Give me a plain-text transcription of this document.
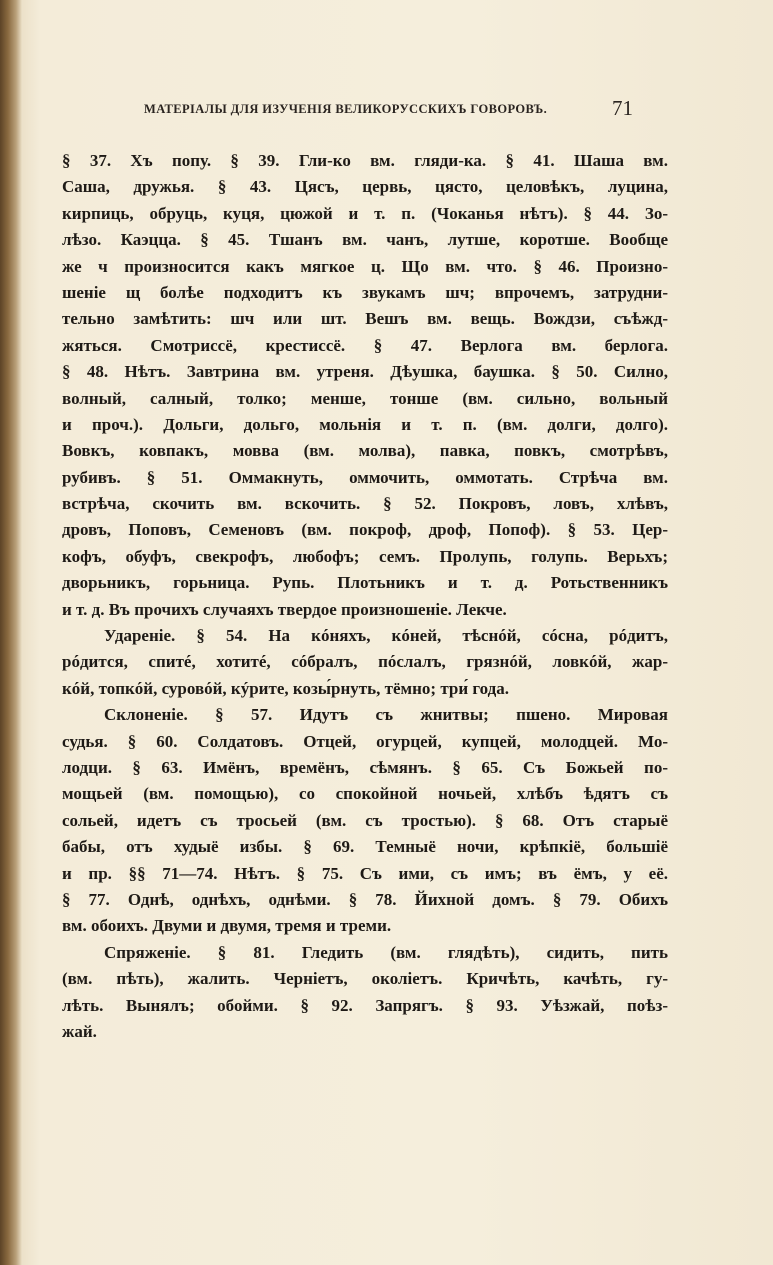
МАТЕРІАЛЫ ДЛЯ ИЗУЧЕНІЯ ВЕЛИКОРУССКИХЪ ГОВОРОВЪ.	71
§ 37. Хъ попу. § 39. Гли-ко вм. гляди-ка. § 41. Шаша вм.
Саша, дружья. § 43. Цясъ, цервь, цясто, целовѣкъ, луцина,
кирпиць, обруць, куця, цюжой и т. п. (Чоканья нѣтъ). § 44. Зо-
лѣзо. Каэцца. § 45. Тшанъ вм. чанъ, лутше, коротше. Вообще
же ч произносится какъ мягкое ц. Що вм. что. § 46. Произно-
шеніе щ болѣе подходитъ къ звукамъ шч; впрочемъ, затрудни-
тельно замѣтить: шч или шт. Вешъ вм. вещь. Вождзи, съѣжд-
жяться. Смотриссё, крестиссё. § 47. Верлога вм. берлога.
§ 48. Нѣтъ. Завтрина вм. утреня. Дѣушка, баушка. § 50. Силно,
волный, салный, толко; менше, тонше (вм. сильно, вольный
и проч.). Дольги, дольго, мольнія и т. п. (вм. долги, долго).
Вовкъ, ковпакъ, мовва (вм. молва), павка, повкъ, смотрѣвъ,
рубивъ. § 51. Оммакнуть, оммочить, оммотать. Стрѣча вм.
встрѣча, скочить вм. вскочить. § 52. Покровъ, ловъ, хлѣвъ,
дровъ, Поповъ, Семеновъ (вм. покроф, дроф, Попоф). § 53. Цер-
кофъ, обуфъ, свекрофъ, любофъ; семъ. Пролупь, голупь. Верьхъ;
дворьникъ, горьница. Рупь. Плотьникъ и т. д. Ротьственникъ
и т. д. Въ прочихъ случаяхъ твердое произношеніе. Лекче.
Удареніе. § 54. На кóняхъ, кóней, тѣснóй, сóсна, рóдитъ,
рóдится, спитé, хотитé, сóбралъ, пóслалъ, грязнóй, ловкóй, жар-
кóй, топкóй, суровóй, кýрите, козы́рнуть, тёмно; три́ года.
Склоненіе. § 57. Идутъ съ жнитвы; пшено. Мировая
судья. § 60. Солдатовъ. Отцей, огурцей, купцей, молодцей. Мо-
лодци. § 63. Имёнъ, времёнъ, сѣмянъ. § 65. Съ Божьей по-
мощьей (вм. помощью), со спокойной ночьей, хлѣбъ ѣдятъ съ
сольей, идетъ съ тросьей (вм. съ тростью). § 68. Отъ старыё
бабы, отъ худыё избы. § 69. Темныё ночи, крѣпкіё, большіё
и пр. §§ 71—74. Нѣтъ. § 75. Съ ими, съ имъ; въ ёмъ, у её.
§ 77. Однѣ, однѣхъ, однѣми. § 78. Йихной домъ. § 79. Обихъ
вм. обоихъ. Двуми и двумя, тремя и треми.
Спряженіе. § 81. Гледить (вм. глядѣть), сидить, пить
(вм. пѣть), жалить. Черніетъ, околіетъ. Кричѣть, качѣть, гу-
лѣть. Вынялъ; обойми. § 92. Запрягъ. § 93. Уѣзжай, поѣз-
жай.
